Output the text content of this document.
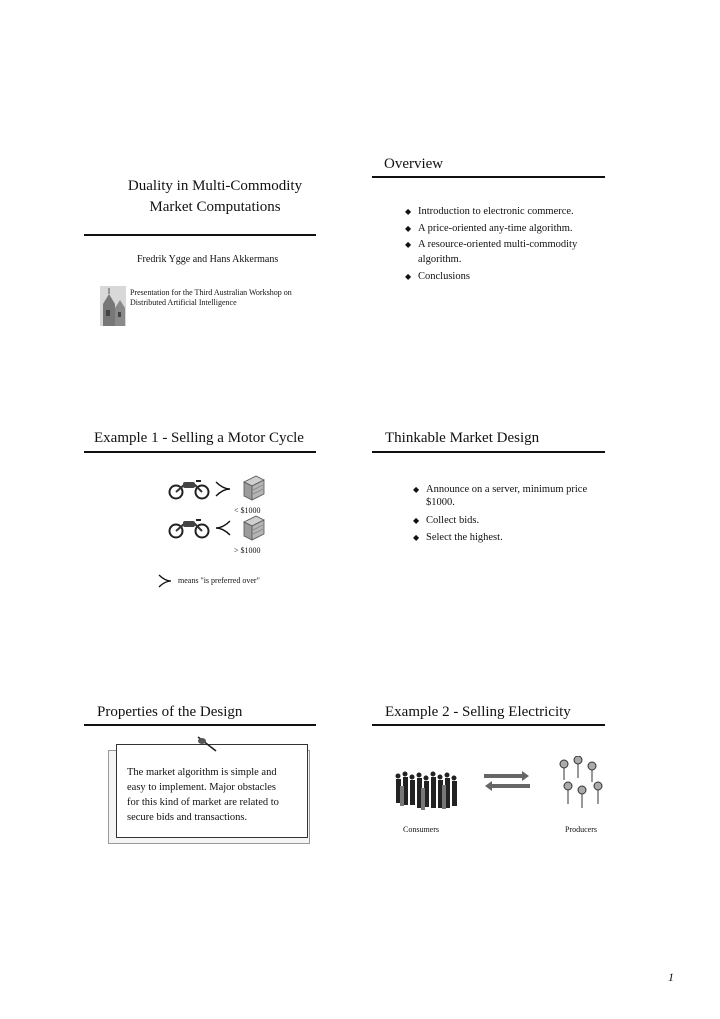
Duality in Multi-Commodity
Market Computations
Fredrik Ygge and Hans Akkermans
Presentation for the Third Australian Workshop on
Distributed Artificial Intelligence
Overview
◆ Introduction to electronic commerce.
◆ A price-oriented any-time algorithm.
◆ A resource-oriented multi-commodity
algorithm.
◆ Conclusions
Example 1 - Selling a Motor Cycle
< $1000
> $1000
means "is preferred over"
Thinkable Market Design
◆ Announce on a server, minimum price
$1000.
◆ Collect bids.
◆ Select the highest.
Properties of the Design
The market algorithm is simple and
easy to implement. Major obstacles
for this kind of market are related to
secure bids and transactions.
Example 2 - Selling Electricity
Consumers	Producers
1
